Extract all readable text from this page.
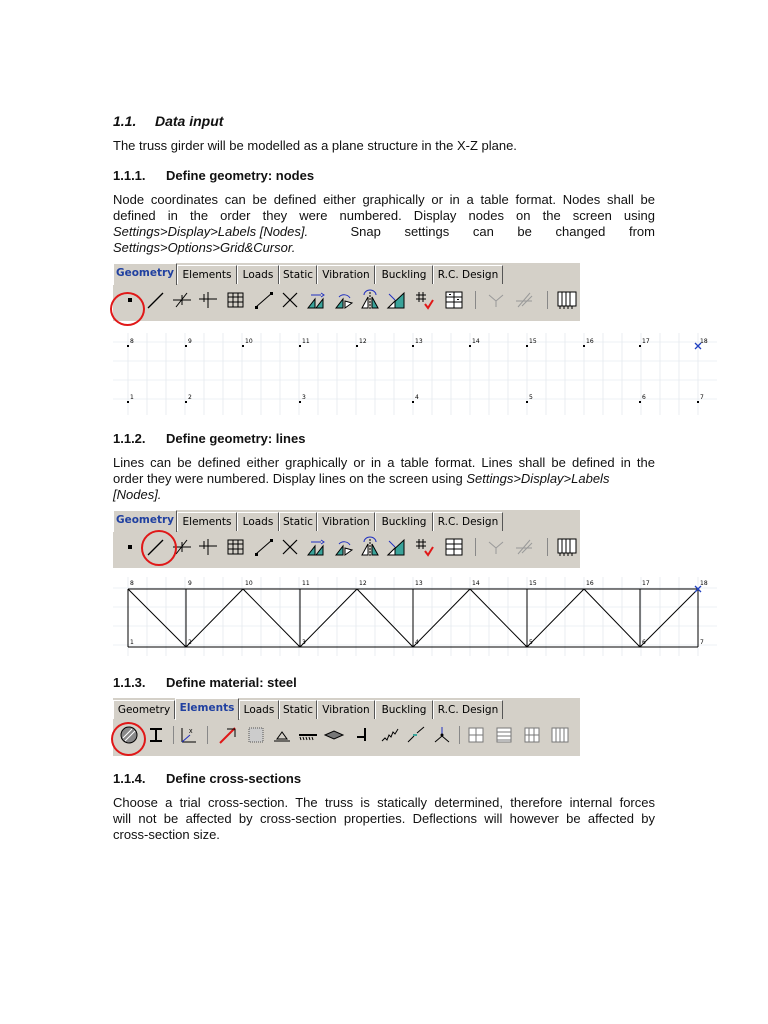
1.1. Data input
The truss girder will be modelled as a plane structure in the X-Z plane.
1.1.1. Define geometry: nodes
Node coordinates can be defined either graphically or in a table format. Nodes shall be
defined in the order they were numbered. Display nodes on the screen using
Settings>Display>Labels [Nodes].	Snap settings can be changed from
Settings>Options>Grid&Cursor.
Geometry Elements	Loads Static Vibration	Buckling	R.C. Design
8	9	10	11	12	13	14	15	16	17	18
1	2	3	4	5	6	7
1.1.2. Define geometry: lines
Lines can be defined either graphically or in a table format. Lines shall be defined in the
order they were numbered. Display lines on the screen using Settings>Display>Labels
[Nodes].
Geometry Elements	Loads Static Vibration	Buckling	R.C. Design
8	9	10	11	12	13	14	15	16	17	18
1	2	3	4	5	6	7
1.1.3. Define material: steel
Geometry Elements Loads Static Vibration	Buckling	R.C. Design
x
1.1.4. Define cross-sections
Choose a trial cross-section. The truss is statically determined, therefore internal forces
will not be affected by cross-section properties. Deflections will however be affected by
cross-section size.
